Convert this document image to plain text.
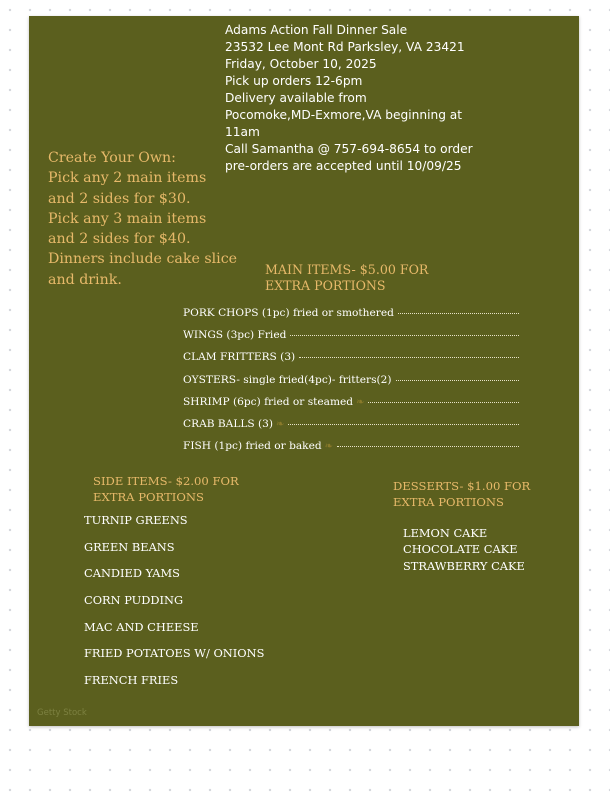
Adams Action Fall Dinner Sale
23532 Lee Mont Rd Parksley, VA 23421
Friday, October 10, 2025
Pick up orders 12-6pm
Delivery available from
Pocomoke,MD-Exmore,VA beginning at
11am
Call Samantha @ 757-694-8654 to order
pre-orders are accepted until 10/09/25
Create Your Own:
Pick any 2 main items
and 2 sides for $30.
Pick any 3 main items
and 2 sides for $40.
Dinners include cake slice
and drink.
MAIN ITEMS- $5.00 FOR
EXTRA PORTIONS
PORK CHOPS (1pc) fried or smothered
WINGS (3pc) Fried
CLAM FRITTERS (3)
OYSTERS- single fried(4pc)- fritters(2)
SHRIMP (6pc) fried or steamed ❧
CRAB BALLS (3) ❧
FISH (1pc) fried or baked ❧
SIDE ITEMS- $2.00 FOR
EXTRA PORTIONS
TURNIP GREENS
GREEN BEANS
CANDIED YAMS
CORN PUDDING
MAC AND CHEESE
FRIED POTATOES W/ ONIONS
FRENCH FRIES
DESSERTS- $1.00 FOR
EXTRA PORTIONS
LEMON CAKE
CHOCOLATE CAKE
STRAWBERRY CAKE
Getty Stock
